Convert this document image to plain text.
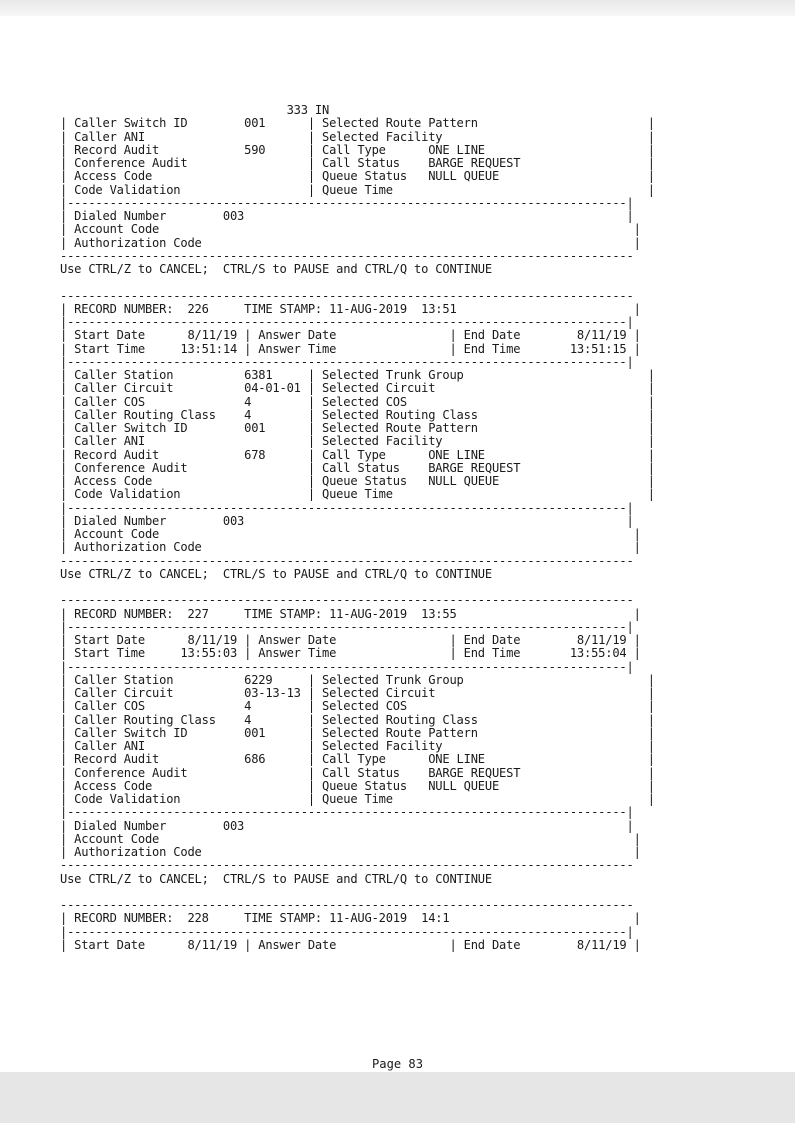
333 IN
| Caller Switch ID        001      | Selected Route Pattern                        |
| Caller ANI                       | Selected Facility                             |
| Record Audit            590      | Call Type      ONE LINE                       |
| Conference Audit                 | Call Status    BARGE REQUEST                  |
| Access Code                      | Queue Status   NULL QUEUE                     |
| Code Validation                  | Queue Time                                    |
|-------------------------------------------------------------------------------|
| Dialed Number        003                                                      |
| Account Code                                                                   |
| Authorization Code                                                             |
---------------------------------------------------------------------------------
Use CTRL/Z to CANCEL;  CTRL/S to PAUSE and CTRL/Q to CONTINUE
---------------------------------------------------------------------------------
| RECORD NUMBER:  226     TIME STAMP: 11-AUG-2019  13:51                         |
|-------------------------------------------------------------------------------|
| Start Date      8/11/19 | Answer Date                | End Date        8/11/19 |
| Start Time     13:51:14 | Answer Time                | End Time       13:51:15 |
|-------------------------------------------------------------------------------|
| Caller Station          6381     | Selected Trunk Group                          |
| Caller Circuit          04-01-01 | Selected Circuit                              |
| Caller COS              4        | Selected COS                                  |
| Caller Routing Class    4        | Selected Routing Class                        |
| Caller Switch ID        001      | Selected Route Pattern                        |
| Caller ANI                       | Selected Facility                             |
| Record Audit            678      | Call Type      ONE LINE                       |
| Conference Audit                 | Call Status    BARGE REQUEST                  |
| Access Code                      | Queue Status   NULL QUEUE                     |
| Code Validation                  | Queue Time                                    |
|-------------------------------------------------------------------------------|
| Dialed Number        003                                                      |
| Account Code                                                                   |
| Authorization Code                                                             |
---------------------------------------------------------------------------------
Use CTRL/Z to CANCEL;  CTRL/S to PAUSE and CTRL/Q to CONTINUE
---------------------------------------------------------------------------------
| RECORD NUMBER:  227     TIME STAMP: 11-AUG-2019  13:55                         |
|-------------------------------------------------------------------------------|
| Start Date      8/11/19 | Answer Date                | End Date        8/11/19 |
| Start Time     13:55:03 | Answer Time                | End Time       13:55:04 |
|-------------------------------------------------------------------------------|
| Caller Station          6229     | Selected Trunk Group                          |
| Caller Circuit          03-13-13 | Selected Circuit                              |
| Caller COS              4        | Selected COS                                  |
| Caller Routing Class    4        | Selected Routing Class                        |
| Caller Switch ID        001      | Selected Route Pattern                        |
| Caller ANI                       | Selected Facility                             |
| Record Audit            686      | Call Type      ONE LINE                       |
| Conference Audit                 | Call Status    BARGE REQUEST                  |
| Access Code                      | Queue Status   NULL QUEUE                     |
| Code Validation                  | Queue Time                                    |
|-------------------------------------------------------------------------------|
| Dialed Number        003                                                      |
| Account Code                                                                   |
| Authorization Code                                                             |
---------------------------------------------------------------------------------
Use CTRL/Z to CANCEL;  CTRL/S to PAUSE and CTRL/Q to CONTINUE
---------------------------------------------------------------------------------
| RECORD NUMBER:  228     TIME STAMP: 11-AUG-2019  14:1                          |
|-------------------------------------------------------------------------------|
| Start Date      8/11/19 | Answer Date                | End Date        8/11/19 |
Page 83
